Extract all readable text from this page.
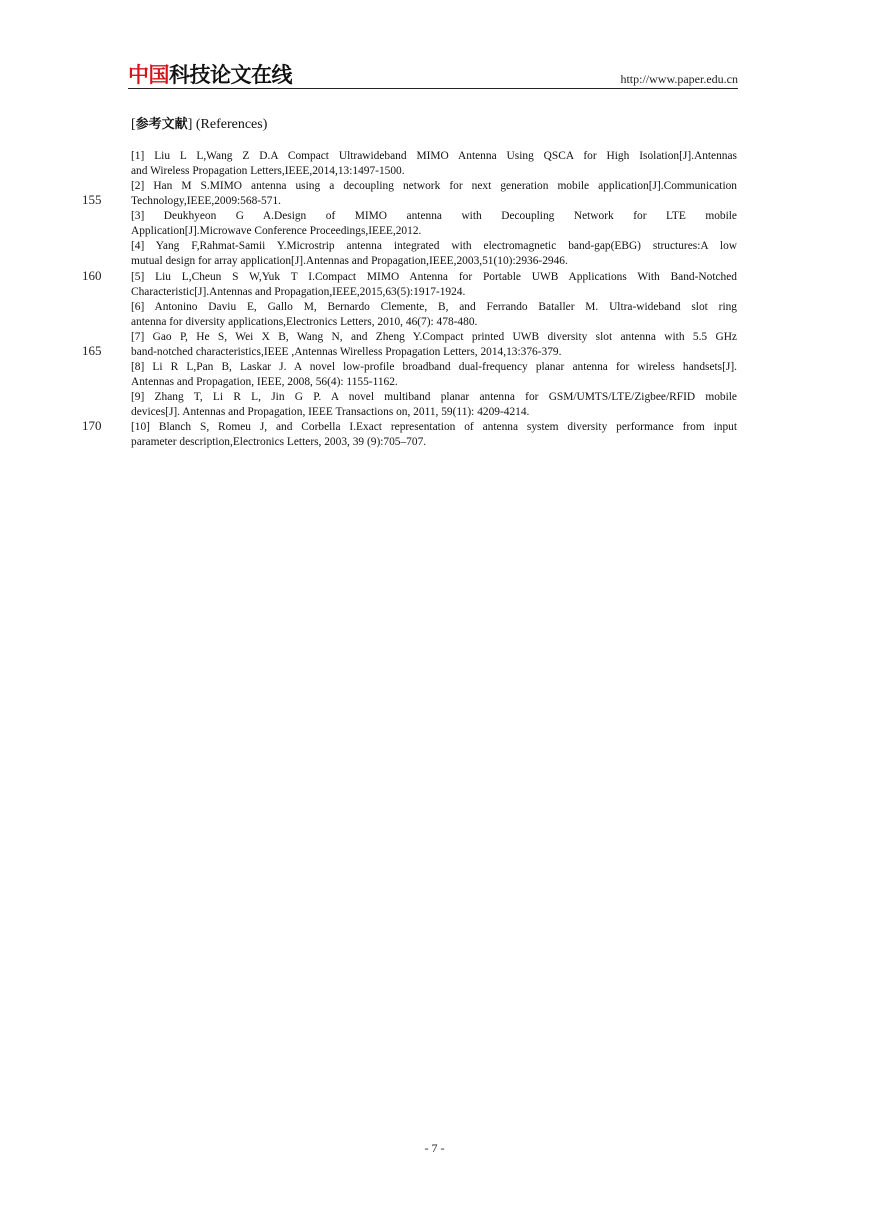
中国科技论文在线	http://www.paper.edu.cn
[参考文献] (References)
[1] Liu L L,Wang Z D.A Compact Ultrawideband MIMO Antenna Using QSCA for High Isolation[J].Antennas
and Wireless Propagation Letters,IEEE,2014,13:1497-1500.
[2] Han M S.MIMO antenna using a decoupling network for next generation mobile application[J].Communication
Technology,IEEE,2009:568-571.
[3] Deukhyeon G A.Design of MIMO antenna with Decoupling Network for LTE mobile
Application[J].Microwave Conference Proceedings,IEEE,2012.
[4] Yang F,Rahmat-Samii Y.Microstrip antenna integrated with electromagnetic band-gap(EBG) structures:A low
mutual design for array application[J].Antennas and Propagation,IEEE,2003,51(10):2936-2946.
[5] Liu L,Cheun S W,Yuk T I.Compact MIMO Antenna for Portable UWB Applications With Band-Notched
Characteristic[J].Antennas and Propagation,IEEE,2015,63(5):1917-1924.
[6] Antonino Daviu E, Gallo M, Bernardo Clemente, B, and Ferrando Bataller M. Ultra-wideband slot ring
antenna for diversity applications,Electronics Letters, 2010, 46(7): 478-480.
[7] Gao P, He S, Wei X B, Wang N, and Zheng Y.Compact printed UWB diversity slot antenna with 5.5 GHz
band-notched characteristics,IEEE ,Antennas Wirelless Propagation Letters, 2014,13:376-379.
[8] Li R L,Pan B, Laskar J. A novel low-profile broadband dual-frequency planar antenna for wireless handsets[J].
Antennas and Propagation, IEEE, 2008, 56(4): 1155-1162.
[9] Zhang T, Li R L, Jin G P. A novel multiband planar antenna for GSM/UMTS/LTE/Zigbee/RFID mobile
devices[J]. Antennas and Propagation, IEEE Transactions on, 2011, 59(11): 4209-4214.
[10] Blanch S, Romeu J, and Corbella I.Exact representation of antenna system diversity performance from input
parameter description,Electronics Letters, 2003, 39 (9):705–707.
155
160
165
170
- 7 -
